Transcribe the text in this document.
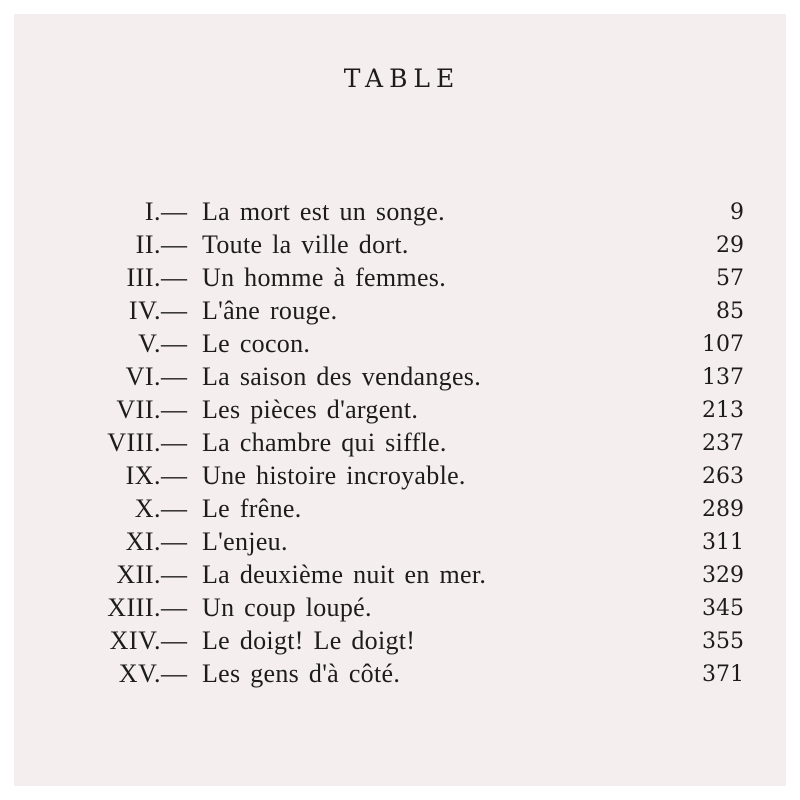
TABLE
I. — La mort est un songe.	9
II. — Toute la ville dort.	29
III. — Un homme à femmes.	57
IV. — L'âne rouge.	85
V. — Le cocon.	107
VI. — La saison des vendanges.	137
VII. — Les pièces d'argent.	213
VIII. — La chambre qui siffle.	237
IX. — Une histoire incroyable.	263
X. — Le frêne.	289
XI. — L'enjeu.	311
XII. — La deuxième nuit en mer.	329
XIII. — Un coup loupé.	345
XIV. — Le doigt! Le doigt!	355
XV. — Les gens d'à côté.	371
